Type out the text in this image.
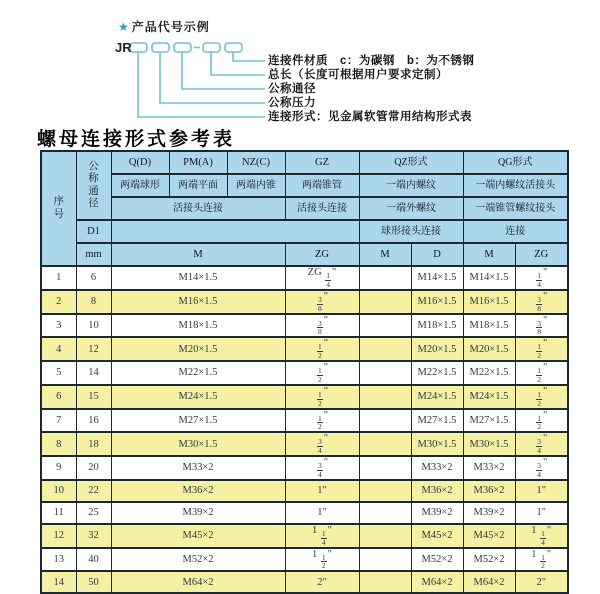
★ 产品代号示例
JR
连接件材质　c：为碳钢　b：为不锈钢
总长（长度可根据用户要求定制）
公称通径
公称压力
连接形式：见金属软管常用结构形式表
螺母连接形式参考表
序号	公称通径	Q(D)	PM(A)	NZ(C)	GZ	QZ形式		QG形式	
		两端球形	两端平面	两端内锥	两端锥管	一端内螺纹		一端内螺纹活接头	
		活接头连接			活接头连接	一端外螺纹		一端锥管螺纹接头	
	D1					球形接头连接		连接	
	mm	M			ZG	M	D	M	ZG
1	6	M14×1.5			ZG $\frac{1}{4}$ "		M14×1.5	M14×1.5	$\frac{1}{4}$ "
2	8	M16×1.5			$\frac{3}{8}$ "		M16×1.5	M16×1.5	$\frac{3}{8}$ "
3	10	M18×1.5			$\frac{3}{8}$ "		M18×1.5	M18×1.5	$\frac{3}{8}$ "
4	12	M20×1.5			$\frac{1}{2}$ "		M20×1.5	M20×1.5	$\frac{1}{2}$ "
5	14	M22×1.5			$\frac{1}{2}$ "		M22×1.5	M22×1.5	$\frac{1}{2}$ "
6	15	M24×1.5			$\frac{1}{2}$ "		M24×1.5	M24×1.5	$\frac{1}{2}$ "
7	16	M27×1.5			$\frac{1}{2}$ "		M27×1.5	M27×1.5	$\frac{1}{2}$ "
8	18	M30×1.5			$\frac{3}{4}$ "		M30×1.5	M30×1.5	$\frac{3}{4}$ "
9	20	M33×2			$\frac{3}{4}$ "		M33×2	M33×2	$\frac{3}{4}$ "
10	22	M36×2			1"		M36×2	M36×2	1"
11	25	M39×2			1"		M39×2	M39×2	1"
12	32	M45×2			$1 \frac{1}{4}$ "		M45×2	M45×2	$1 \frac{1}{4}$ "
13	40	M52×2			$1 \frac{1}{2}$ "		M52×2	M52×2	$1 \frac{1}{2}$ "
14	50	M64×2			2"		M64×2	M64×2	2"
